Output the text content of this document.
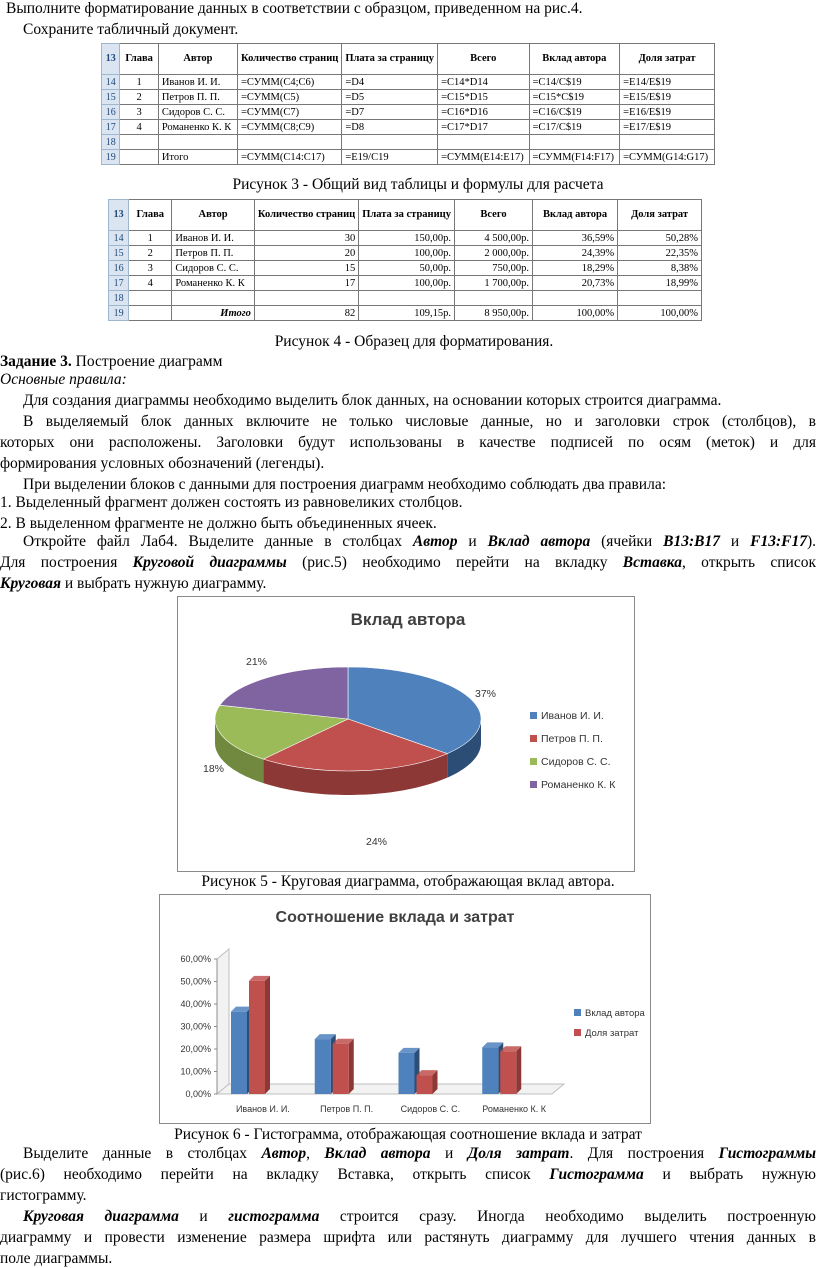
Выполните форматирование данных в соответствии с образцом, приведенном на рис.4.
Сохраните табличный документ.
13	Глава	Автор	Количество страниц	Плата за страницу	Всего	Вклад автора	Доля затрат
14	1	Иванов И. И.	=СУММ(C4;C6)	=D4	=C14*D14	=C14/C$19	=E14/E$19
15	2	Петров П. П.	=СУММ(C5)	=D5	=C15*D15	=C15*C$19	=E15/E$19
16	3	Сидоров С. С.	=СУММ(C7)	=D7	=C16*D16	=C16/C$19	=E16/E$19
17	4	Романенко К. К	=СУММ(C8;C9)	=D8	=C17*D17	=C17/C$19	=E17/E$19
18							
19		Итого	=СУММ(C14:C17)	=E19/C19	=СУММ(E14:E17)	=СУММ(F14:F17)	=СУММ(G14:G17)
Рисунок 3 - Общий вид таблицы и формулы для расчета
13	Глава	Автор	Количество страниц	Плата за страницу	Всего	Вклад автора	Доля затрат
14	1	Иванов И. И.	30	150,00р.	4 500,00р.	36,59%	50,28%
15	2	Петров П. П.	20	100,00р.	2 000,00р.	24,39%	22,35%
16	3	Сидоров С. С.	15	50,00р.	750,00р.	18,29%	8,38%
17	4	Романенко К. К	17	100,00р.	1 700,00р.	20,73%	18,99%
18							
19		Итого	82	109,15р.	8 950,00р.	100,00%	100,00%
Рисунок 4 - Образец для форматирования.
Задание 3. Построение диаграмм
Основные правила:
Для создания диаграммы необходимо выделить блок данных, на основании которых строится диаграмма.
В выделяемый блок данных включите не только числовые данные, но и заголовки строк (столбцов), в
которых они расположены. Заголовки будут использованы в качестве подписей по осям (меток) и для
формирования условных обозначений (легенды).
При выделении блоков с данными для построения диаграмм необходимо соблюдать два правила:
1. Выделенный фрагмент должен состоять из равновеликих столбцов.
2. В выделенном фрагменте не должно быть объединенных ячеек.
Откройте файл Лаб4. Выделите данные в столбцах Автор и Вклад автора (ячейки B13:B17 и F13:F17).
Для построения Круговой диаграммы (рис.5) необходимо перейти на вкладку Вставка, открыть список
Круговая и выбрать нужную диаграмму.
Вклад автора
37%
24%
18%
21%
Иванов И. И.
Петров П. П.
Сидоров С. С.
Романенко К. К
Рисунок 5 - Круговая диаграмма, отображающая вклад автора.
Соотношение вклада и затрат
0,00%
10,00%
20,00%
30,00%
40,00%
50,00%
60,00%
Иванов И. И.	Петров П. П.	Сидоров С. С. Романенко К. К
Вклад автора
Доля затрат
Рисунок 6 - Гистограмма, отображающая соотношение вклада и затрат
Выделите данные в столбцах Автор, Вклад автора и Доля затрат. Для построения Гистограммы
(рис.6) необходимо перейти на вкладку Вставка, открыть список Гистограмма и выбрать нужную
гистограмму.
Круговая диаграмма и гистограмма строится сразу. Иногда необходимо выделить построенную
диаграмму и провести изменение размера шрифта или растянуть диаграмму для лучшего чтения данных в
поле диаграммы.
